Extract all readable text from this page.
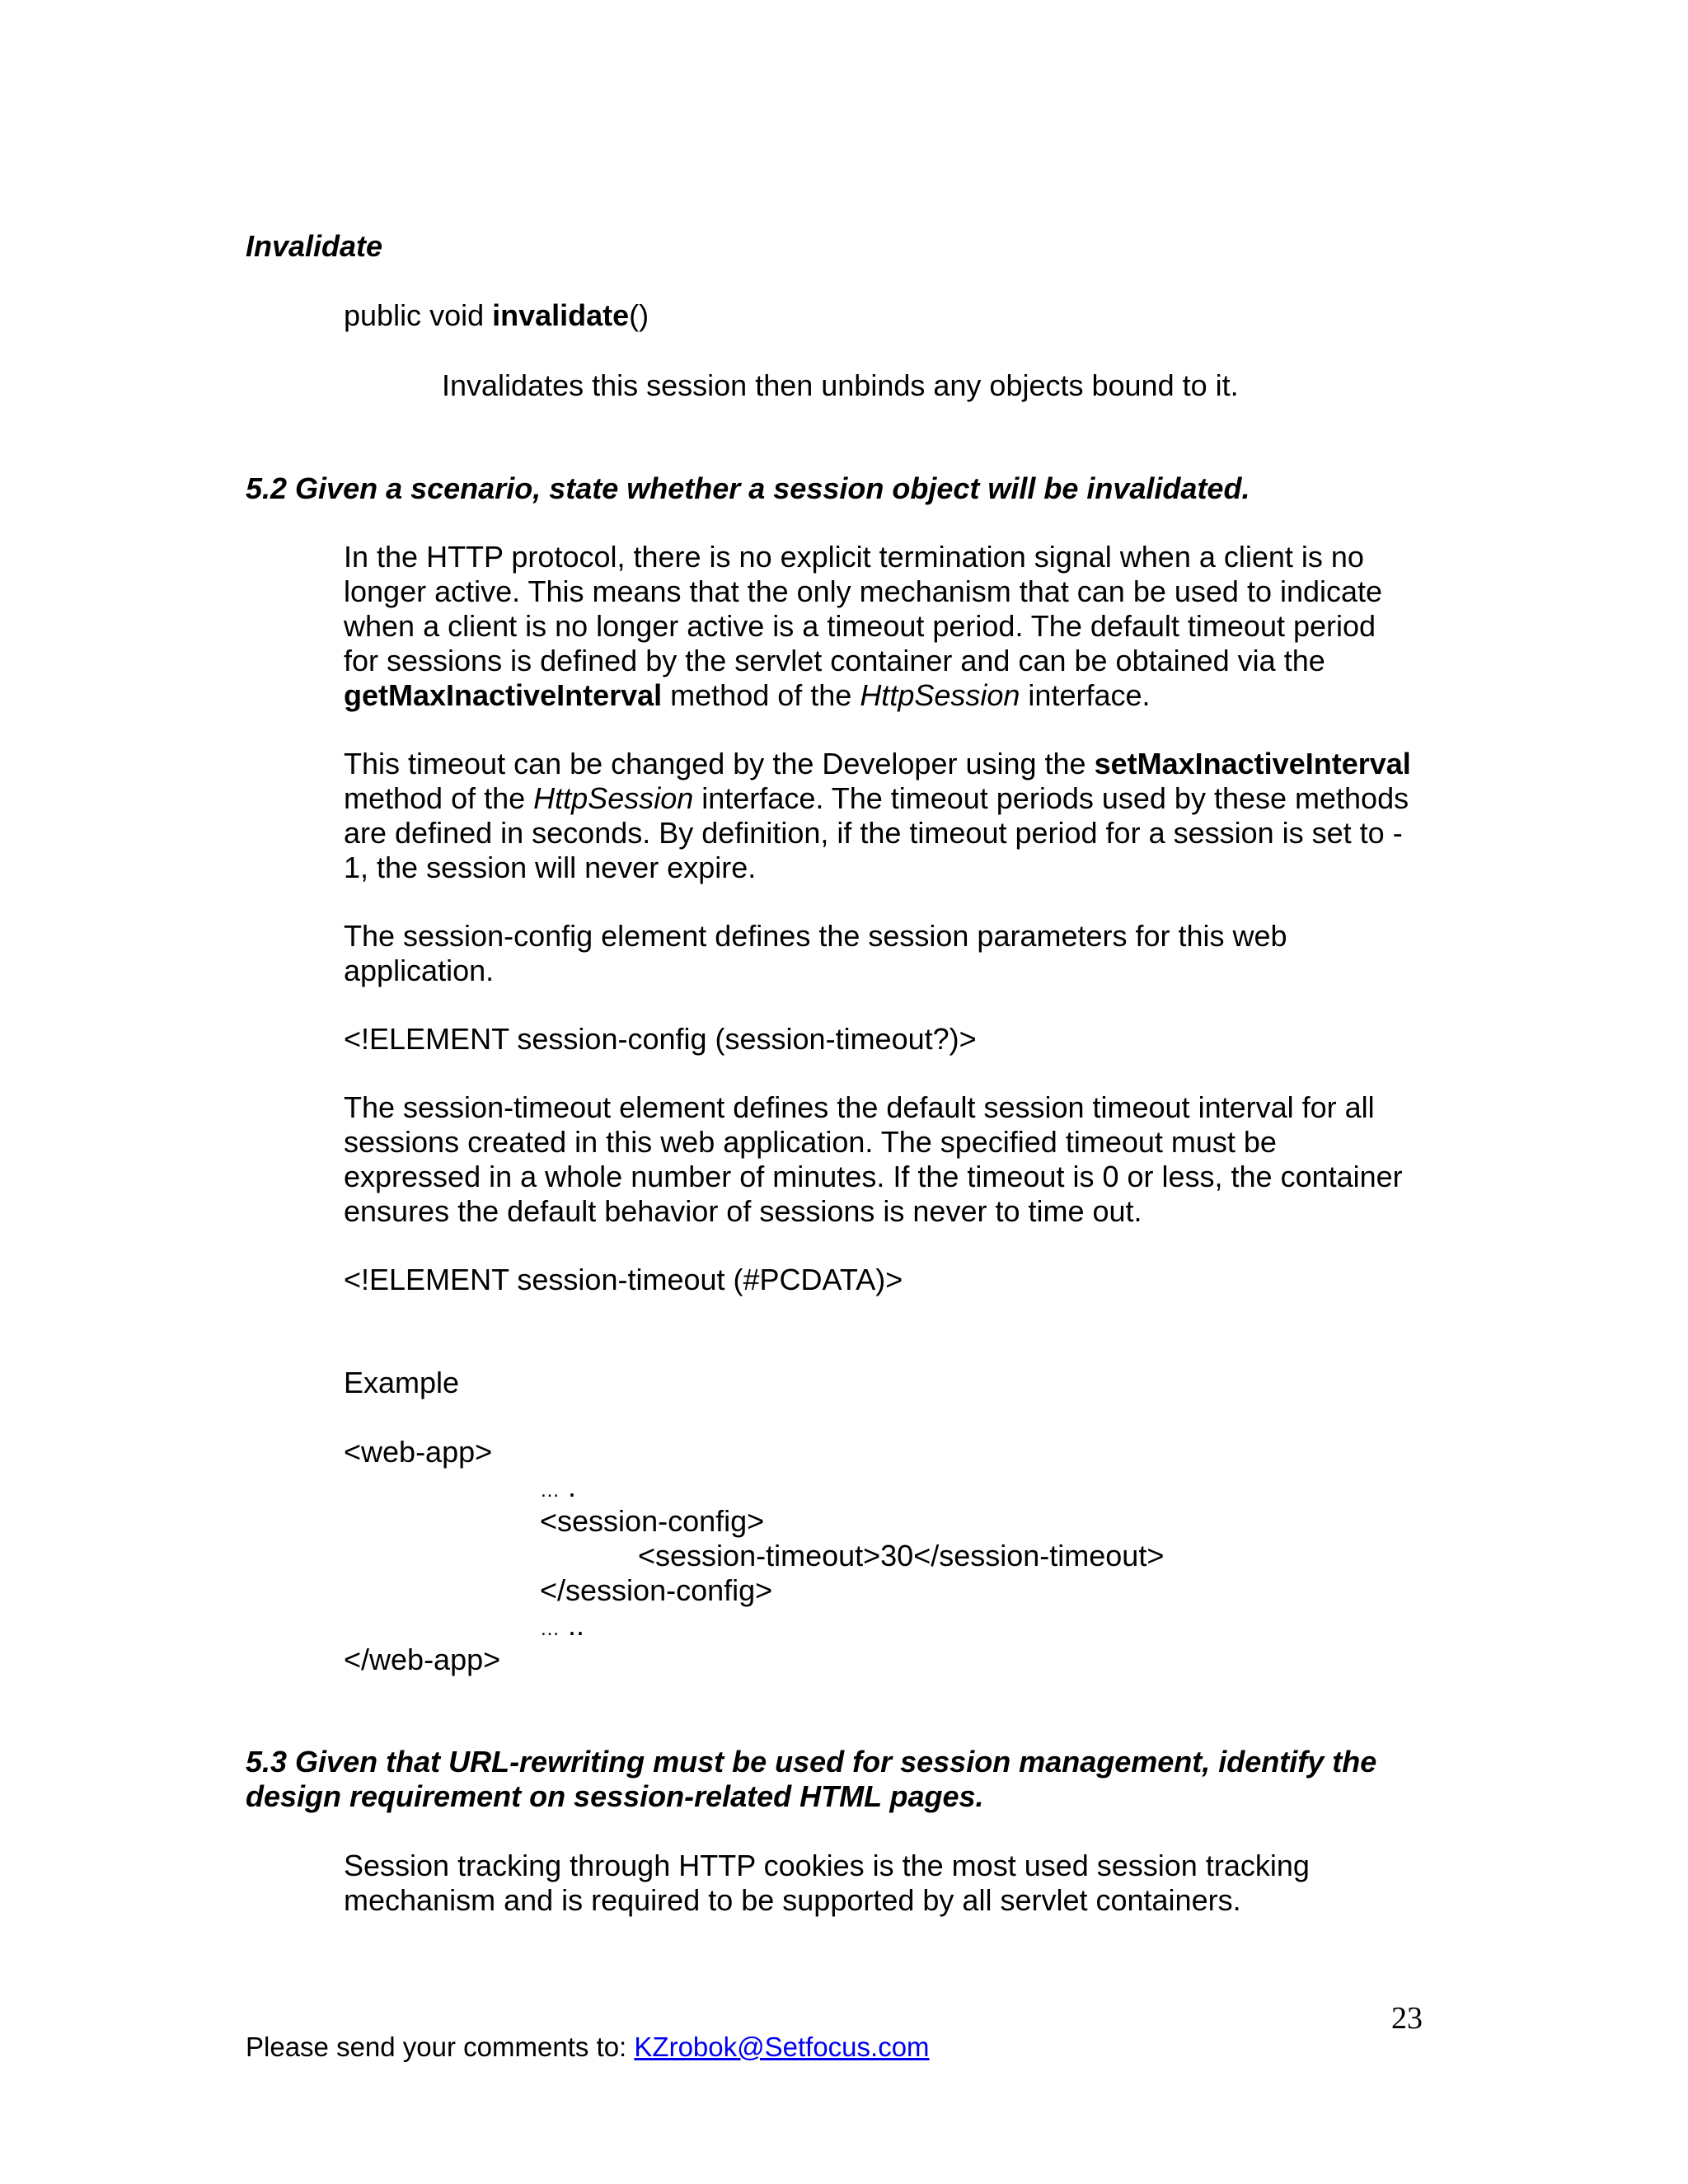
Invalidate
public void invalidate()
Invalidates this session then unbinds any objects bound to it.
5.2 Given a scenario, state whether a session object will be invalidated.
In the HTTP protocol, there is no explicit termination signal when a client is no
longer active. This means that the only mechanism that can be used to indicate
when a client is no longer active is a timeout period. The default timeout period
for sessions is defined by the servlet container and can be obtained via the
getMaxInactiveInterval method of the HttpSession interface.
This timeout can be changed by the Developer using the setMaxInactiveInterval
method of the HttpSession interface. The timeout periods used by these methods
are defined in seconds. By definition, if the timeout period for a session is set to -
1, the session will never expire.
The session-config element defines the session parameters for this web
application.
<!ELEMENT session-config (session-timeout?)>
The session-timeout element defines the default session timeout interval for all
sessions created in this web application. The specified timeout must be
expressed in a whole number of minutes. If the timeout is 0 or less, the container
ensures the default behavior of sessions is never to time out.
<!ELEMENT session-timeout (#PCDATA)>
Example
<web-app>
… .
<session-config>
<session-timeout>30</session-timeout>
</session-config>
… ..
</web-app>
5.3 Given that URL-rewriting must be used for session management, identify the
design requirement on session-related HTML pages.
Session tracking through HTTP cookies is the most used session tracking
mechanism and is required to be supported by all servlet containers.
23
Please send your comments to: KZrobok@Setfocus.com
